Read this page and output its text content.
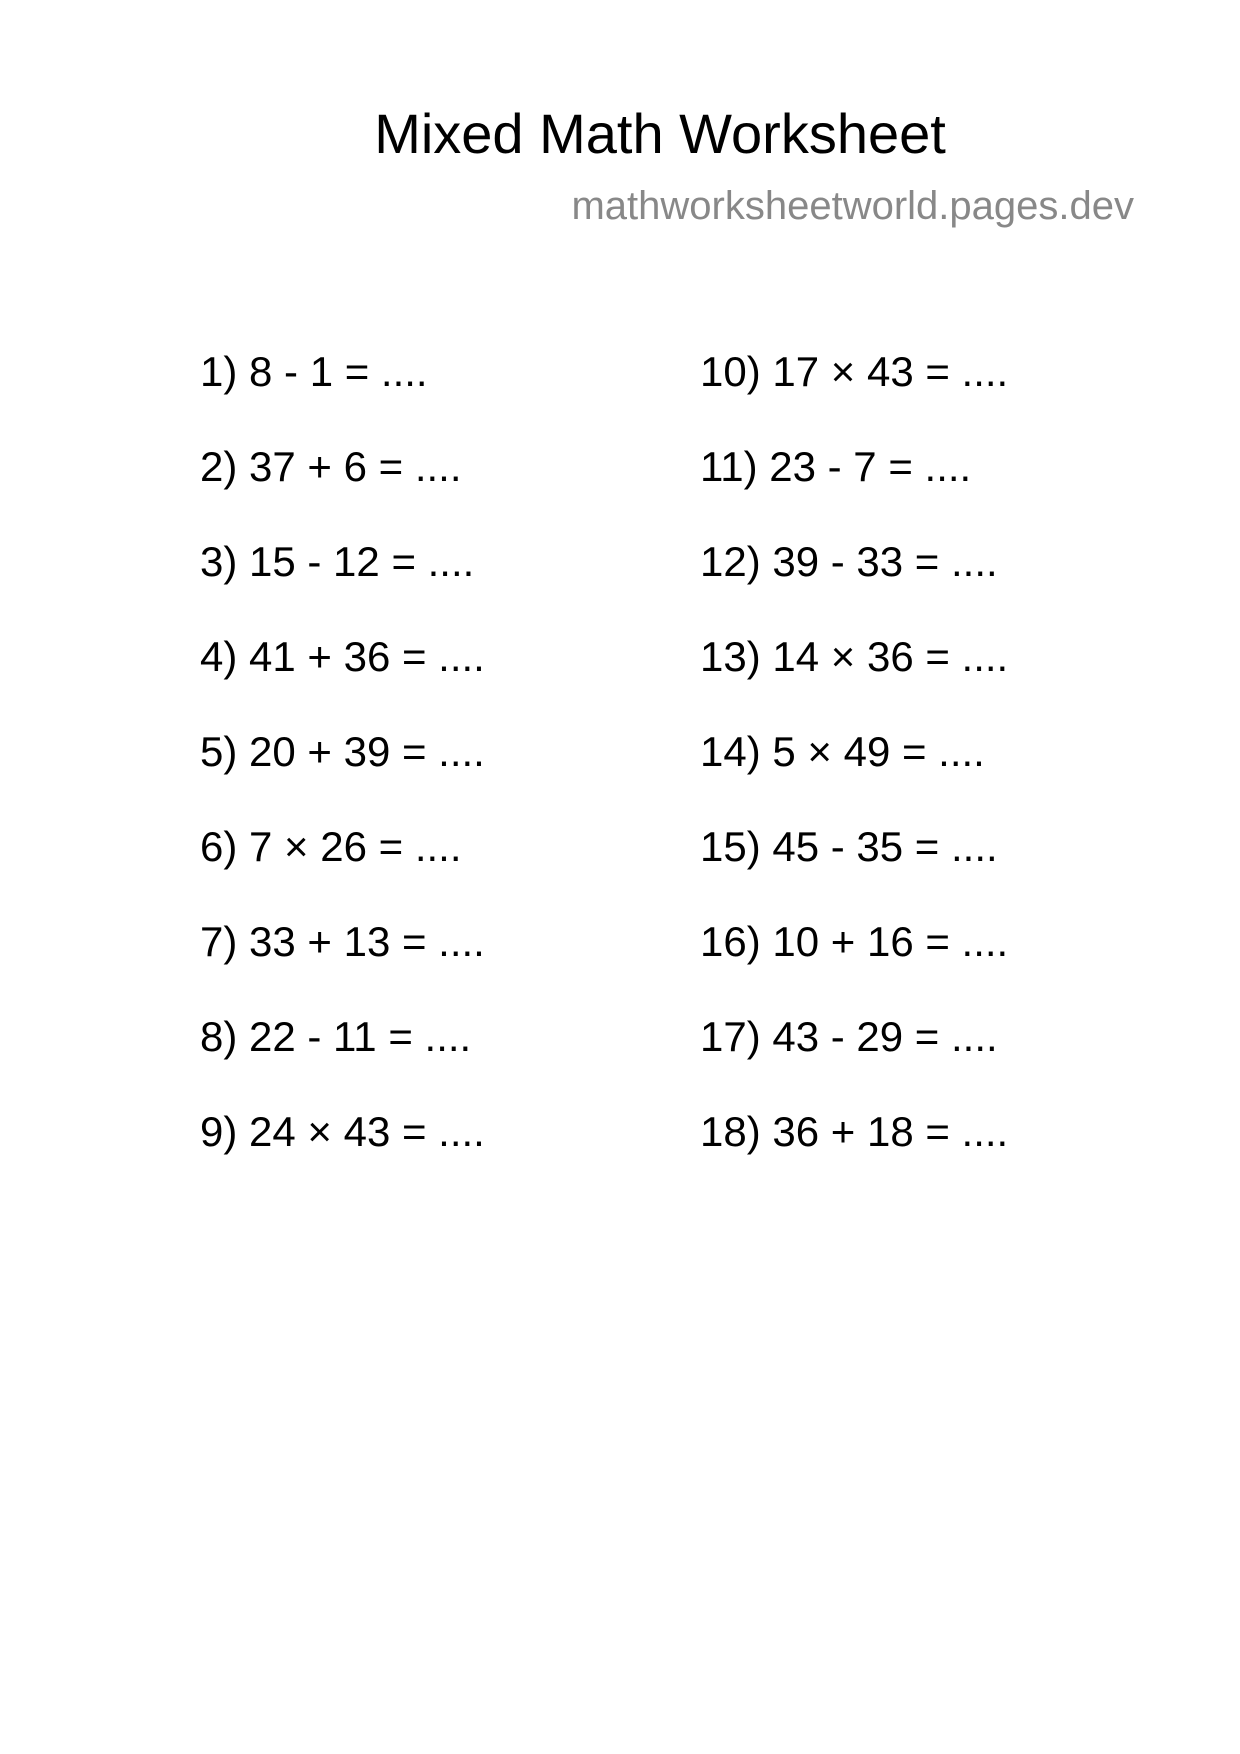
Mixed Math Worksheet
mathworksheetworld.pages.dev
1) 8 - 1 = ....
2) 37 + 6 = ....
3) 15 - 12 = ....
4) 41 + 36 = ....
5) 20 + 39 = ....
6) 7 × 26 = ....
7) 33 + 13 = ....
8) 22 - 11 = ....
9) 24 × 43 = ....
10) 17 × 43 = ....
11) 23 - 7 = ....
12) 39 - 33 = ....
13) 14 × 36 = ....
14) 5 × 49 = ....
15) 45 - 35 = ....
16) 10 + 16 = ....
17) 43 - 29 = ....
18) 36 + 18 = ....
